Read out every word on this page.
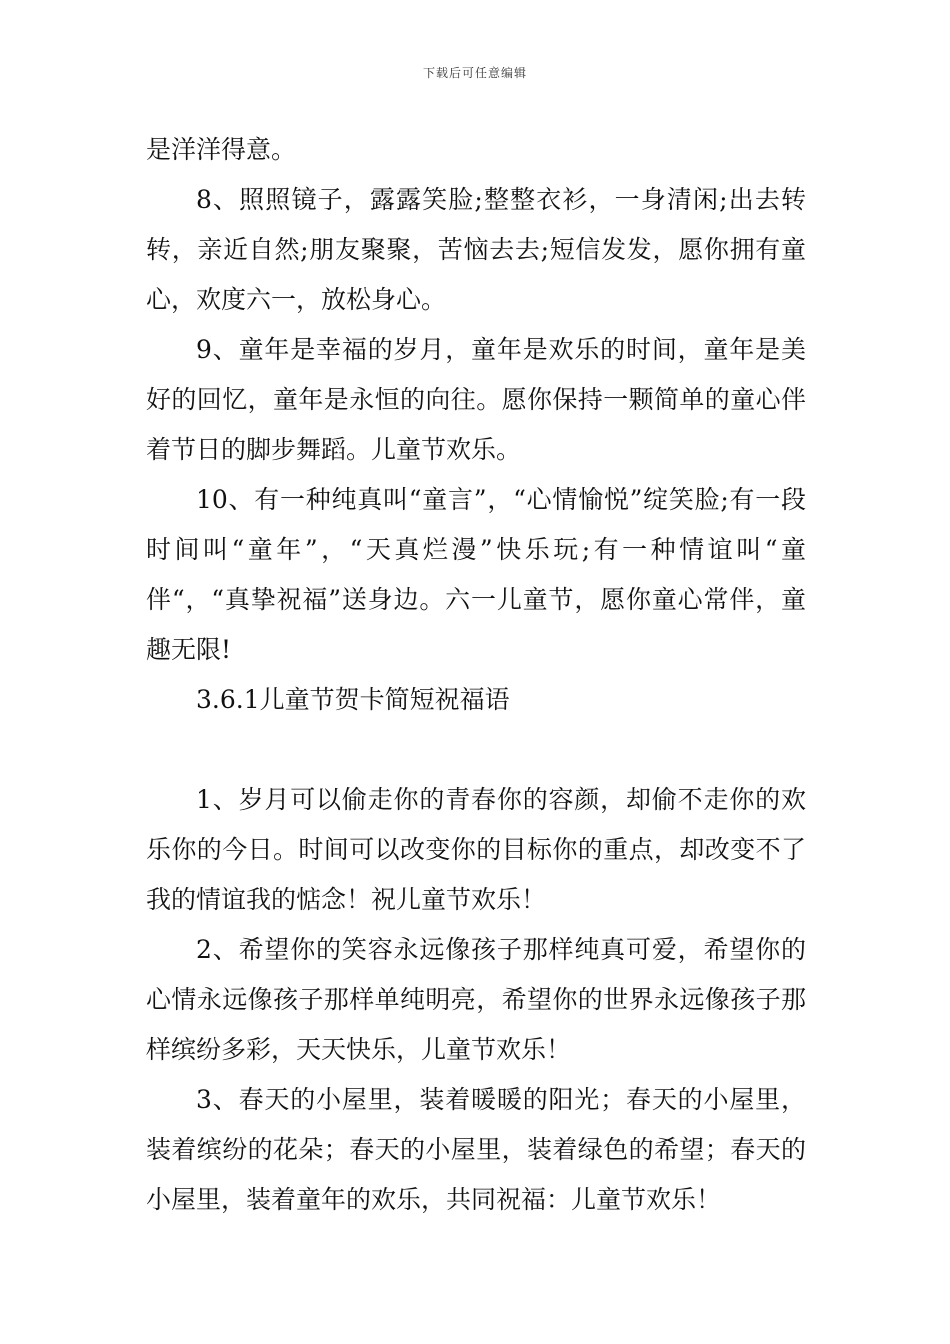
下载后可任意编辑

是洋洋得意。

8、照照镜子，露露笑脸;整整衣衫，一身清闲;出去转转，亲近自然;朋友聚聚，苦恼去去;短信发发，愿你拥有童心，欢度六一，放松身心。

9、童年是幸福的岁月，童年是欢乐的时间，童年是美好的回忆，童年是永恒的向往。愿你保持一颗简单的童心伴着节日的脚步舞蹈。儿童节欢乐。

10、有一种纯真叫“童言”，“心情愉悦”绽笑脸;有一段时间叫“童年”，“天真烂漫”快乐玩;有一种情谊叫“童伴“，“真挚祝福”送身边。六一儿童节，愿你童心常伴，童趣无限!

3.6.1儿童节贺卡简短祝福语

1、岁月可以偷走你的青春你的容颜，却偷不走你的欢乐你的今日。时间可以改变你的目标你的重点，却改变不了我的情谊我的惦念！祝儿童节欢乐！

2、希望你的笑容永远像孩子那样纯真可爱，希望你的心情永远像孩子那样单纯明亮，希望你的世界永远像孩子那样缤纷多彩，天天快乐，儿童节欢乐！

3、春天的小屋里，装着暖暖的阳光；春天的小屋里，装着缤纷的花朵；春天的小屋里，装着绿色的希望；春天的小屋里，装着童年的欢乐，共同祝福：儿童节欢乐！
